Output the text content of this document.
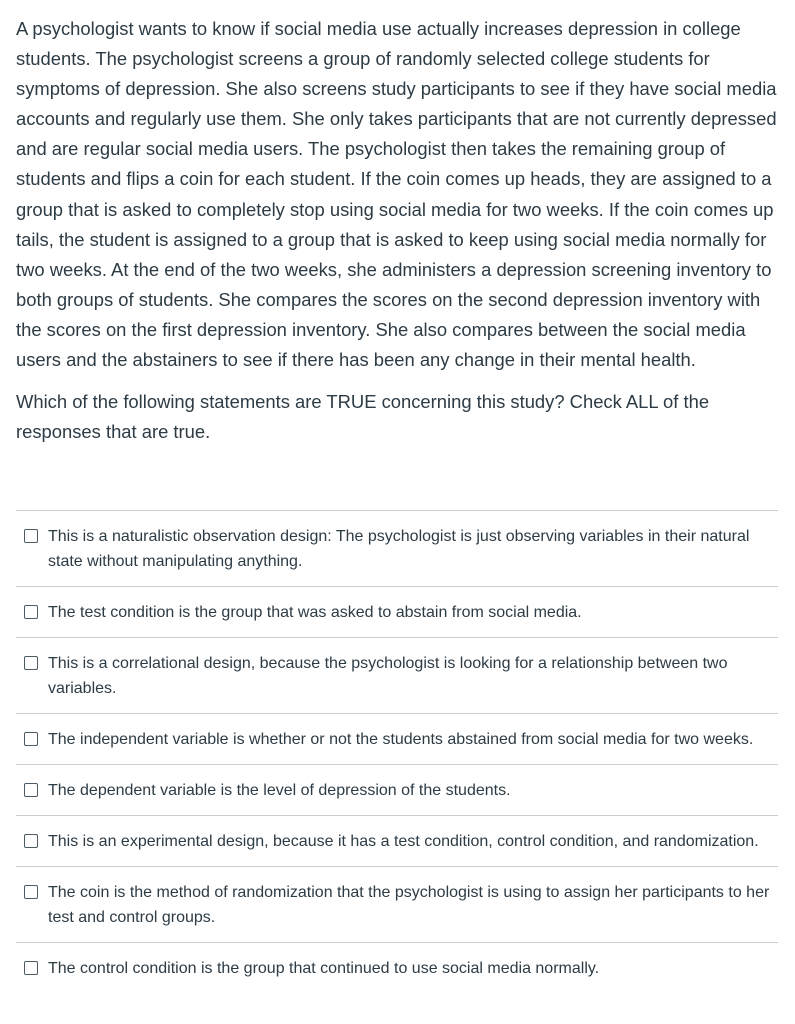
A psychologist wants to know if social media use actually increases depression in college students. The psychologist screens a group of randomly selected college students for symptoms of depression. She also screens study participants to see if they have social media accounts and regularly use them. She only takes participants that are not currently depressed and are regular social media users. The psychologist then takes the remaining group of students and flips a coin for each student. If the coin comes up heads, they are assigned to a group that is asked to completely stop using social media for two weeks. If the coin comes up tails, the student is assigned to a group that is asked to keep using social media normally for two weeks. At the end of the two weeks, she administers a depression screening inventory to both groups of students. She compares the scores on the second depression inventory with the scores on the first depression inventory. She also compares between the social media users and the abstainers to see if there has been any change in their mental health.

Which of the following statements are TRUE concerning this study? Check ALL of the responses that are true.

This is a naturalistic observation design: The psychologist is just observing variables in their natural state without manipulating anything.
The test condition is the group that was asked to abstain from social media.
This is a correlational design, because the psychologist is looking for a relationship between two variables.
The independent variable is whether or not the students abstained from social media for two weeks.
The dependent variable is the level of depression of the students.
This is an experimental design, because it has a test condition, control condition, and randomization.
The coin is the method of randomization that the psychologist is using to assign her participants to her test and control groups.
The control condition is the group that continued to use social media normally.
